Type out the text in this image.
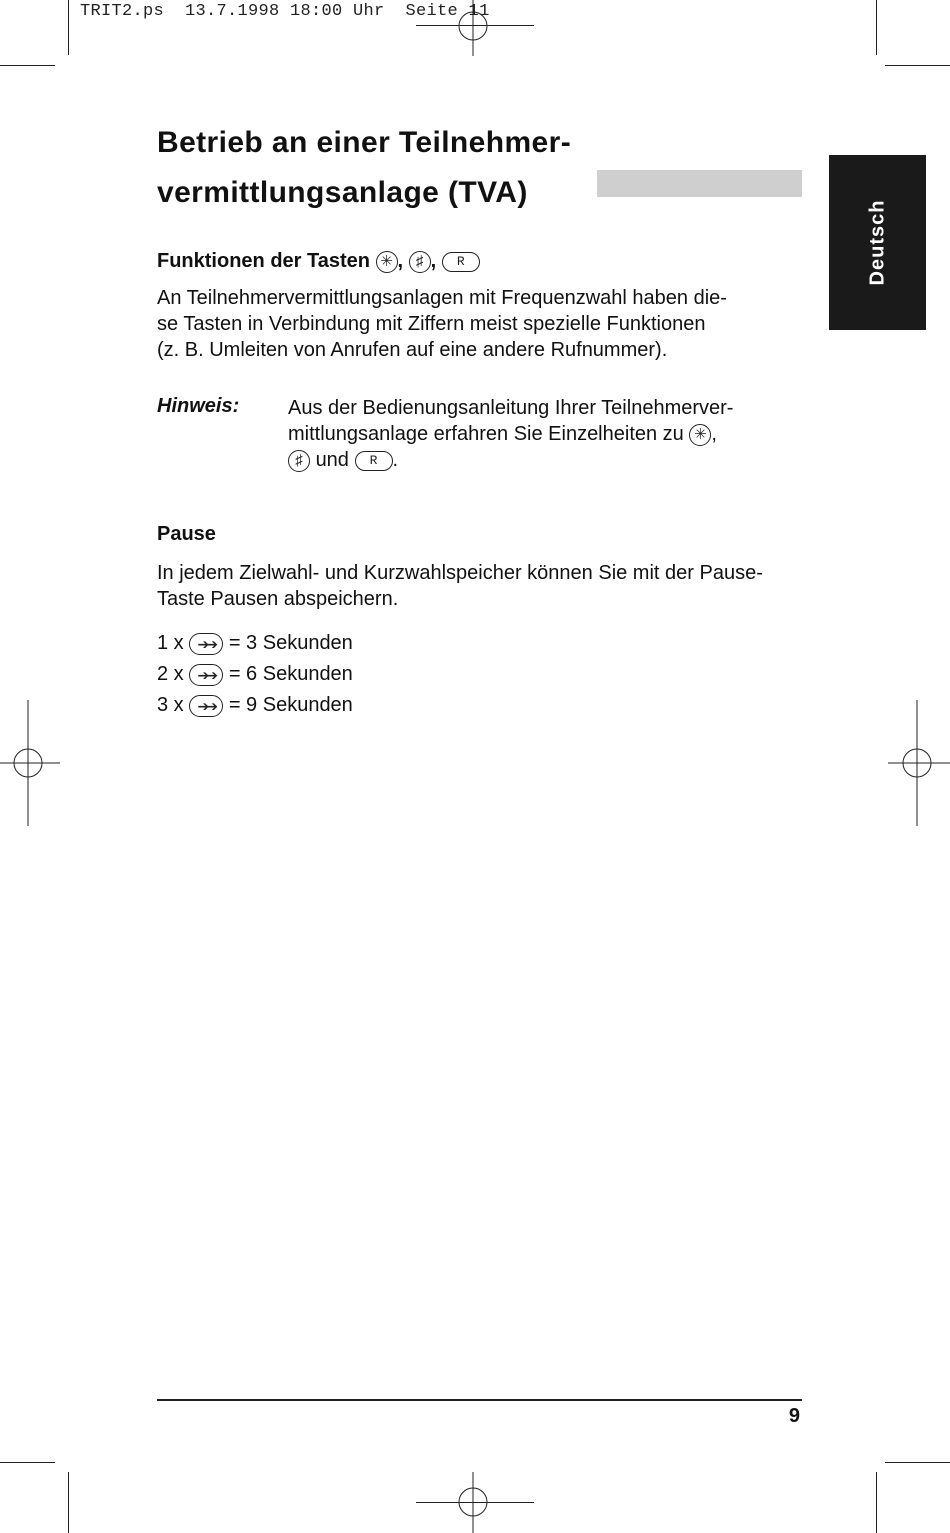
TRIT2.ps  13.7.1998 18:00 Uhr  Seite 11
Betrieb an einer Teilnehmer-
vermittlungsanlage (TVA)
Deutsch
Funktionen der Tasten ✳ , ♯ , R

An Teilnehmervermittlungsanlagen mit Frequenzwahl haben die-
se Tasten in Verbindung mit Ziffern meist spezielle Funktionen
(z. B. Umleiten von Anrufen auf eine andere Rufnummer).

Hinweis: Aus der Bedienungsanleitung Ihrer Teilnehmerver-
mittlungsanlage erfahren Sie Einzelheiten zu ✳ ,
♯ und R .

Pause

In jedem Zielwahl- und Kurzwahlspeicher können Sie mit der Pause-
Taste Pausen abspeichern.

1 x ➔➔ = 3 Sekunden

2 x ➔➔ = 6 Sekunden

3 x ➔➔ = 9 Sekunden

9
